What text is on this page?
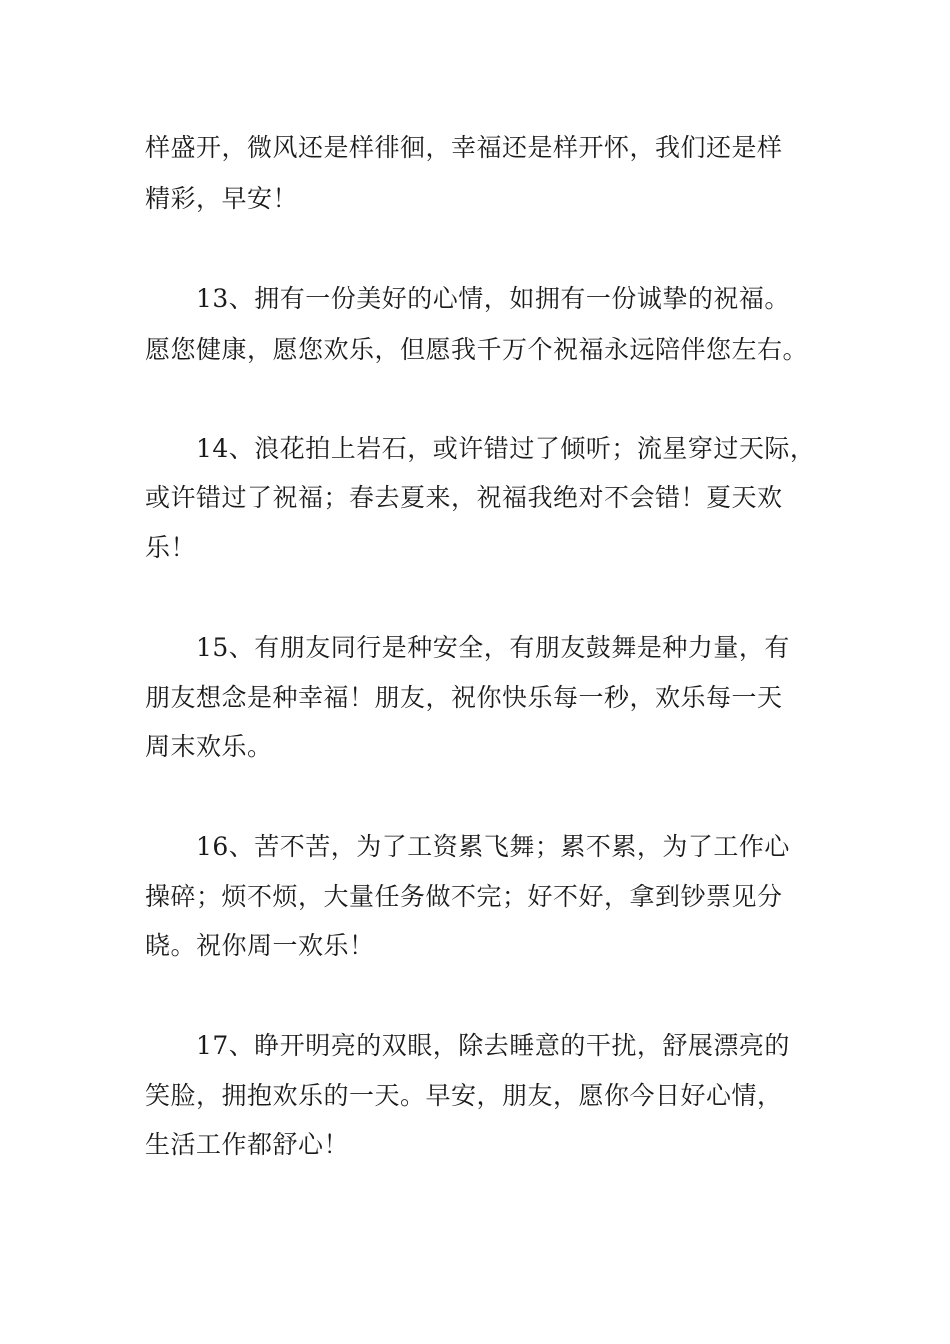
样盛开，微风还是样徘徊，幸福还是样开怀，我们还是样
精彩，早安！
13、拥有一份美好的心情，如拥有一份诚挚的祝福。
愿您健康，愿您欢乐，但愿我千万个祝福永远陪伴您左右。
14、浪花拍上岩石，或许错过了倾听；流星穿过天际，
或许错过了祝福；春去夏来，祝福我绝对不会错！夏天欢
乐！
15、有朋友同行是种安全，有朋友鼓舞是种力量，有
朋友想念是种幸福！朋友，祝你快乐每一秒，欢乐每一天
周末欢乐。
16、苦不苦，为了工资累飞舞；累不累，为了工作心
操碎；烦不烦，大量任务做不完；好不好，拿到钞票见分
晓。祝你周一欢乐！
17、睁开明亮的双眼，除去睡意的干扰，舒展漂亮的
笑脸，拥抱欢乐的一天。早安，朋友，愿你今日好心情，
生活工作都舒心！
